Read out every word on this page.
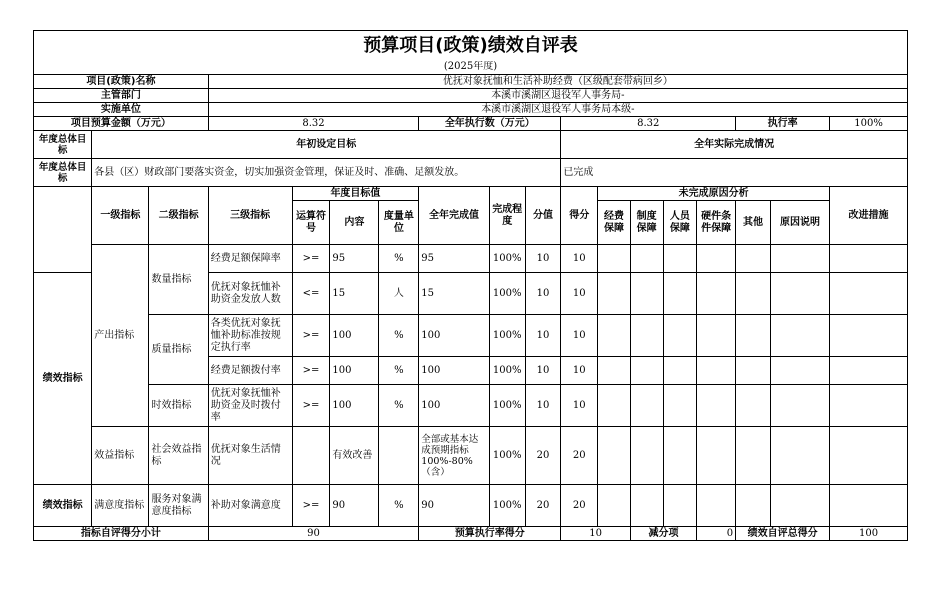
预算项目(政策)绩效自评表																	
(2025年度)																	
项目(政策)名称			优抚对象抚恤和生活补助经费（区级配套带病回乡）														
主管部门			本溪市溪湖区退役军人事务局-														
实施单位			本溪市溪湖区退役军人事务局本级-														
项目预算金额（万元）			8.32				全年执行数（万元）			8.32					执行率		100%
年度总体目标	年初设定目标									全年实际完成情况							
年度总体目标	各县（区）财政部门要落实资金，切实加强资金管理，保证及时、准确、足额发放。									已完成							
	一级指标	二级指标	三级指标	年度目标值			全年完成值	完成程度	分值	得分	未完成原因分析						改进措施
				运算符号	内容	度量单位					经费保障	制度保障	人员保障	硬件条件保障	其他	原因说明	
	产出指标	数量指标	经费足额保障率	>=	95	%	95	100%	10	10							
绩效指标			优抚对象抚恤补助资金发放人数	<=	15	人	15	100%	10	10							
		质量指标	各类优抚对象抚恤补助标准按规定执行率	>=	100	%	100	100%	10	10							
			经费足额拨付率	>=	100	%	100	100%	10	10							
		时效指标	优抚对象抚恤补助资金及时拨付率	>=	100	%	100	100%	10	10							
	效益指标	社会效益指标	优抚对象生活情况		有效改善		全部或基本达成预期指标100%-80%（含）	100%	20	20							
绩效指标	满意度指标	服务对象满意度指标	补助对象满意度	>=	90	%	90	100%	20	20							
指标自评得分小计			90				预算执行率得分			10		减分项		0	绩效自评总得分		100
